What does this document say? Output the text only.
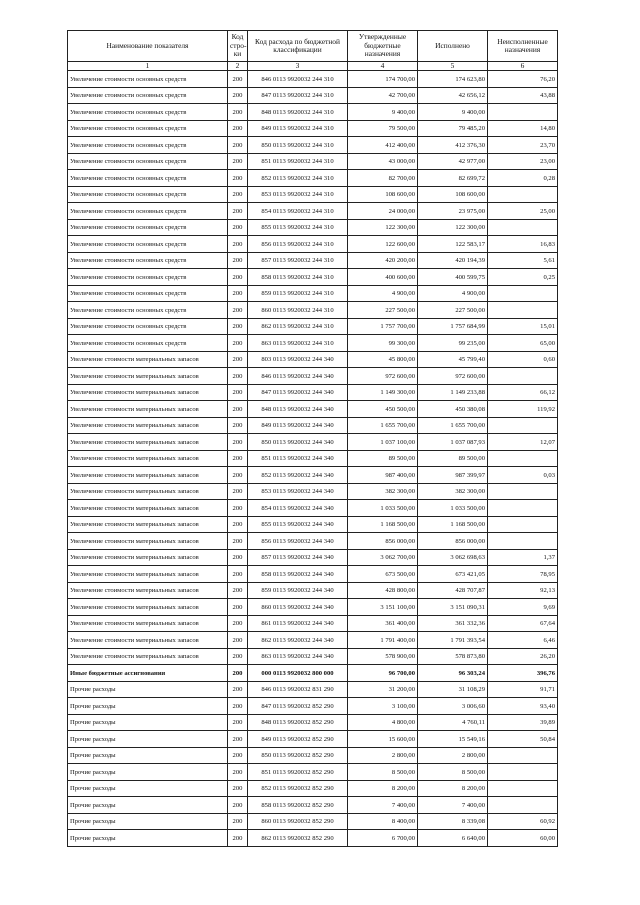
Наименование показателя	Код стро-ки	Код расхода по бюджетной классификации	Утвержденные бюджетные назначения	Исполнено	Неисполненные назначения

1	2	3	4	5	6
Увеличение стоимости основных средств	200	846 0113 9920032 244 310	174 700,00	174 623,80	76,20
Увеличение стоимости основных средств	200	847 0113 9920032 244 310	42 700,00	42 656,12	43,88
Увеличение стоимости основных средств	200	848 0113 9920032 244 310	9 400,00	9 400,00	
Увеличение стоимости основных средств	200	849 0113 9920032 244 310	79 500,00	79 485,20	14,80
Увеличение стоимости основных средств	200	850 0113 9920032 244 310	412 400,00	412 376,30	23,70
Увеличение стоимости основных средств	200	851 0113 9920032 244 310	43 000,00	42 977,00	23,00
Увеличение стоимости основных средств	200	852 0113 9920032 244 310	82 700,00	82 699,72	0,28
Увеличение стоимости основных средств	200	853 0113 9920032 244 310	108 600,00	108 600,00	
Увеличение стоимости основных средств	200	854 0113 9920032 244 310	24 000,00	23 975,00	25,00
Увеличение стоимости основных средств	200	855 0113 9920032 244 310	122 300,00	122 300,00	
Увеличение стоимости основных средств	200	856 0113 9920032 244 310	122 600,00	122 583,17	16,83
Увеличение стоимости основных средств	200	857 0113 9920032 244 310	420 200,00	420 194,39	5,61
Увеличение стоимости основных средств	200	858 0113 9920032 244 310	400 600,00	400 599,75	0,25
Увеличение стоимости основных средств	200	859 0113 9920032 244 310	4 900,00	4 900,00	
Увеличение стоимости основных средств	200	860 0113 9920032 244 310	227 500,00	227 500,00	
Увеличение стоимости основных средств	200	862 0113 9920032 244 310	1 757 700,00	1 757 684,99	15,01
Увеличение стоимости основных средств	200	863 0113 9920032 244 310	99 300,00	99 235,00	65,00
Увеличение стоимости материальных запасов	200	803 0113 9920032 244 340	45 800,00	45 799,40	0,60
Увеличение стоимости материальных запасов	200	846 0113 9920032 244 340	972 600,00	972 600,00	
Увеличение стоимости материальных запасов	200	847 0113 9920032 244 340	1 149 300,00	1 149 233,88	66,12
Увеличение стоимости материальных запасов	200	848 0113 9920032 244 340	450 500,00	450 380,08	119,92
Увеличение стоимости материальных запасов	200	849 0113 9920032 244 340	1 655 700,00	1 655 700,00	
Увеличение стоимости материальных запасов	200	850 0113 9920032 244 340	1 037 100,00	1 037 087,93	12,07
Увеличение стоимости материальных запасов	200	851 0113 9920032 244 340	89 500,00	89 500,00	
Увеличение стоимости материальных запасов	200	852 0113 9920032 244 340	987 400,00	987 399,97	0,03
Увеличение стоимости материальных запасов	200	853 0113 9920032 244 340	382 300,00	382 300,00	
Увеличение стоимости материальных запасов	200	854 0113 9920032 244 340	1 033 500,00	1 033 500,00	
Увеличение стоимости материальных запасов	200	855 0113 9920032 244 340	1 168 500,00	1 168 500,00	
Увеличение стоимости материальных запасов	200	856 0113 9920032 244 340	856 000,00	856 000,00	
Увеличение стоимости материальных запасов	200	857 0113 9920032 244 340	3 062 700,00	3 062 698,63	1,37
Увеличение стоимости материальных запасов	200	858 0113 9920032 244 340	673 500,00	673 421,05	78,95
Увеличение стоимости материальных запасов	200	859 0113 9920032 244 340	428 800,00	428 707,87	92,13
Увеличение стоимости материальных запасов	200	860 0113 9920032 244 340	3 151 100,00	3 151 090,31	9,69
Увеличение стоимости материальных запасов	200	861 0113 9920032 244 340	361 400,00	361 332,36	67,64
Увеличение стоимости материальных запасов	200	862 0113 9920032 244 340	1 791 400,00	1 791 393,54	6,46
Увеличение стоимости материальных запасов	200	863 0113 9920032 244 340	578 900,00	578 873,80	26,20
Иные бюджетные ассигнования	200	000 0113 9920032 800 000	96 700,00	96 303,24	396,76
Прочие расходы	200	846 0113 9920032 831 290	31 200,00	31 108,29	91,71
Прочие расходы	200	847 0113 9920032 852 290	3 100,00	3 006,60	93,40
Прочие расходы	200	848 0113 9920032 852 290	4 800,00	4 760,11	39,89
Прочие расходы	200	849 0113 9920032 852 290	15 600,00	15 549,16	50,84
Прочие расходы	200	850 0113 9920032 852 290	2 800,00	2 800,00	
Прочие расходы	200	851 0113 9920032 852 290	8 500,00	8 500,00	
Прочие расходы	200	852 0113 9920032 852 290	8 200,00	8 200,00	
Прочие расходы	200	858 0113 9920032 852 290	7 400,00	7 400,00	
Прочие расходы	200	860 0113 9920032 852 290	8 400,00	8 339,08	60,92
Прочие расходы	200	862 0113 9920032 852 290	6 700,00	6 640,00	60,00
